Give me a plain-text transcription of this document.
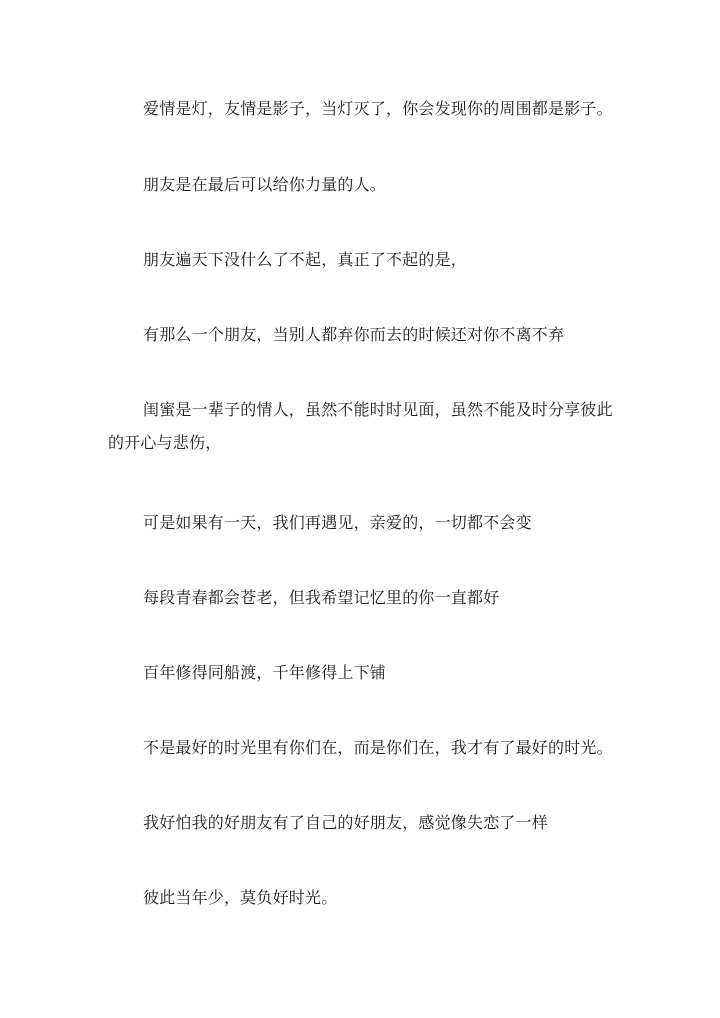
爱情是灯，友情是影子，当灯灭了，你会发现你的周围都是影子。

朋友是在最后可以给你力量的人。

朋友遍天下没什么了不起，真正了不起的是，

有那么一个朋友，当别人都弃你而去的时候还对你不离不弃

闺蜜是一辈子的情人，虽然不能时时见面，虽然不能及时分享彼此的开心与悲伤，

可是如果有一天，我们再遇见，亲爱的，一切都不会变

每段青春都会苍老，但我希望记忆里的你一直都好

百年修得同船渡，千年修得上下铺

不是最好的时光里有你们在，而是你们在，我才有了最好的时光。

我好怕我的好朋友有了自己的好朋友，感觉像失恋了一样

彼此当年少，莫负好时光。
